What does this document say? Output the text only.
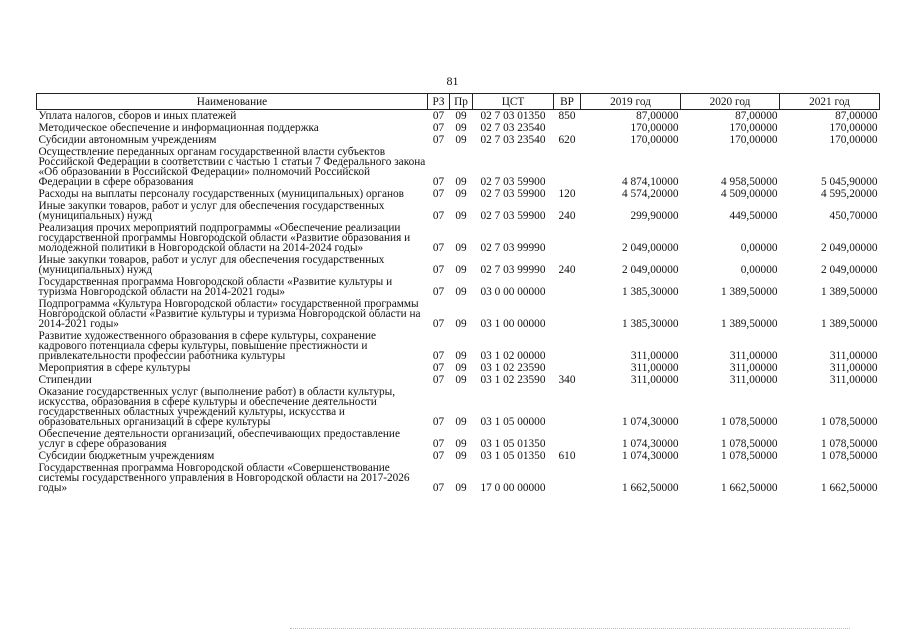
81
Наименование	РЗ	Пр	ЦСТ	ВР	2019 год	2020 год	2021 год
Уплата налогов, сборов и иных платежей	07	09	02 7 03 01350	850	87,00000	87,00000	87,00000
Методическое обеспечение и информационная поддержка	07	09	02 7 03 23540		170,00000	170,00000	170,00000
Субсидии автономным учреждениям	07	09	02 7 03 23540	620	170,00000	170,00000	170,00000
Осуществление переданных органам государственной власти субъектов Российской Федерации в соответствии с частью 1 статьи 7 Федерального закона «Об образовании в Российской Федерации» полномочий Российской Федерации в сфере образования	07	09	02 7 03 59900		4 874,10000	4 958,50000	5 045,90000
Расходы на выплаты персоналу государственных (муниципальных) органов	07	09	02 7 03 59900	120	4 574,20000	4 509,00000	4 595,20000
Иные закупки товаров, работ и услуг для обеспечения государственных (муниципальных) нужд	07	09	02 7 03 59900	240	299,90000	449,50000	450,70000
Реализация прочих мероприятий подпрограммы «Обеспечение реализации государственной программы Новгородской области «Развитие образования и молодежной политики в Новгородской области на 2014-2024 годы»	07	09	02 7 03 99990		2 049,00000	0,00000	2 049,00000
Иные закупки товаров, работ и услуг для обеспечения государственных (муниципальных) нужд	07	09	02 7 03 99990	240	2 049,00000	0,00000	2 049,00000
Государственная программа Новгородской области «Развитие культуры и туризма Новгородской области на 2014-2021 годы»	07	09	03 0 00 00000		1 385,30000	1 389,50000	1 389,50000
Подпрограмма «Культура Новгородской области» государственной программы Новгородской области «Развитие культуры и туризма Новгородской области на 2014-2021 годы»	07	09	03 1 00 00000		1 385,30000	1 389,50000	1 389,50000
Развитие художественного образования в сфере культуры, сохранение кадрового потенциала сферы культуры, повышение престижности и привлекательности профессии работника культуры	07	09	03 1 02 00000		311,00000	311,00000	311,00000
Мероприятия в сфере культуры	07	09	03 1 02 23590		311,00000	311,00000	311,00000
Стипендии	07	09	03 1 02 23590	340	311,00000	311,00000	311,00000
Оказание государственных услуг (выполнение работ) в области культуры, искусства, образования в сфере культуры и обеспечение деятельности государственных областных учреждений культуры, искусства и образовательных организаций в сфере культуры	07	09	03 1 05 00000		1 074,30000	1 078,50000	1 078,50000
Обеспечение деятельности организаций, обеспечивающих предоставление услуг в сфере образования	07	09	03 1 05 01350		1 074,30000	1 078,50000	1 078,50000
Субсидии бюджетным учреждениям	07	09	03 1 05 01350	610	1 074,30000	1 078,50000	1 078,50000
Государственная программа Новгородской области «Совершенствование системы государственного управления в Новгородской области на 2017-2026 годы»	07	09	17 0 00 00000		1 662,50000	1 662,50000	1 662,50000
